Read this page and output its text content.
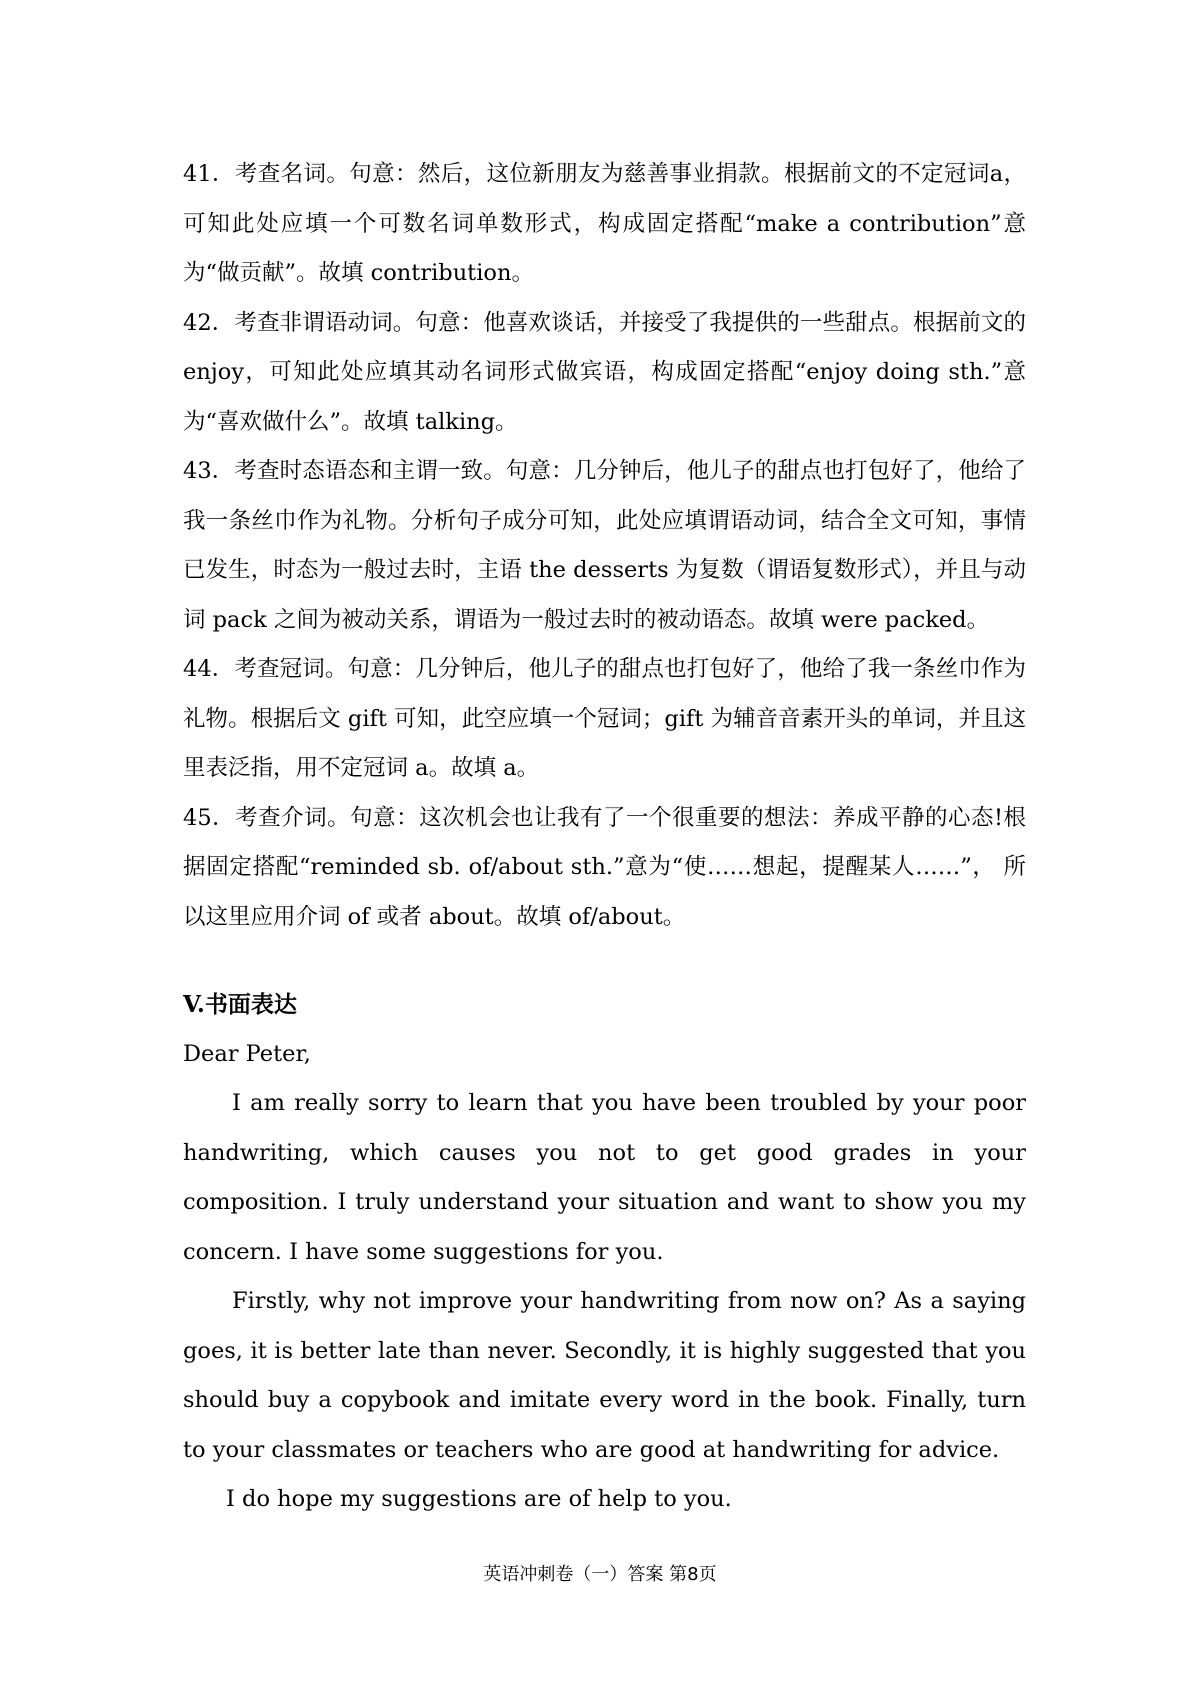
41．考查名词。句意：然后，这位新朋友为慈善事业捐款。根据前文的不定冠词a，可知此处应填一个可数名词单数形式，构成固定搭配“make a contribution”意为“做贡献”。故填 contribution。

42．考查非谓语动词。句意：他喜欢谈话，并接受了我提供的一些甜点。根据前文的 enjoy，可知此处应填其动名词形式做宾语，构成固定搭配“enjoy doing sth.”意为“喜欢做什么”。故填 talking。

43．考查时态语态和主谓一致。句意：几分钟后，他儿子的甜点也打包好了，他给了我一条丝巾作为礼物。分析句子成分可知，此处应填谓语动词，结合全文可知，事情已发生，时态为一般过去时，主语 the desserts 为复数（谓语复数形式），并且与动词 pack 之间为被动关系，谓语为一般过去时的被动语态。故填 were packed。

44．考查冠词。句意：几分钟后，他儿子的甜点也打包好了，他给了我一条丝巾作为礼物。根据后文 gift 可知，此空应填一个冠词；gift 为辅音音素开头的单词，并且这里表泛指，用不定冠词 a。故填 a。

45．考查介词。句意：这次机会也让我有了一个很重要的想法：养成平静的心态!根据固定搭配“reminded sb. of/about sth.”意为“使……想起，提醒某人……”， 所以这里应用介词 of 或者 about。故填 of/about。

V.书面表达

Dear Peter,

I am really sorry to learn that you have been troubled by your poor handwriting, which causes you not to get good grades in your composition. I truly understand your situation and want to show you my concern. I have some suggestions for you.

Firstly, why not improve your handwriting from now on? As a saying goes, it is better late than never. Secondly, it is highly suggested that you should buy a copybook and imitate every word in the book. Finally, turn to your classmates or teachers who are good at handwriting for advice.

I do hope my suggestions are of help to you.

英语冲刺卷（一）答案 第8页
